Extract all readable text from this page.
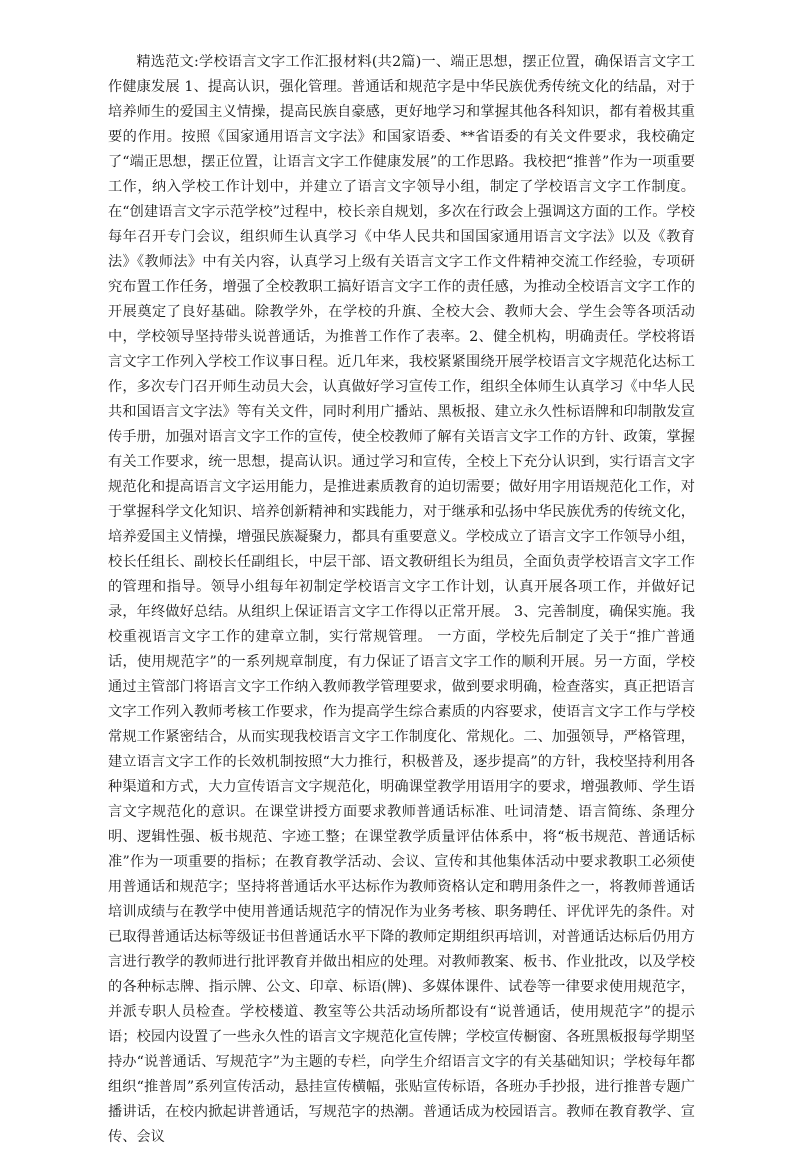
精选范文:学校语言文字工作汇报材料(共2篇)一、端正思想，摆正位置，确保语言文字工作健康发展 1、提高认识，强化管理。普通话和规范字是中华民族优秀传统文化的结晶，对于培养师生的爱国主义情操，提高民族自豪感，更好地学习和掌握其他各科知识，都有着极其重要的作用。按照《国家通用语言文字法》和国家语委、**省语委的有关文件要求，我校确定了“端正思想，摆正位置，让语言文字工作健康发展”的工作思路。我校把“推普”作为一项重要工作，纳入学校工作计划中，并建立了语言文字领导小组，制定了学校语言文字工作制度。在“创建语言文字示范学校”过程中，校长亲自规划，多次在行政会上强调这方面的工作。学校每年召开专门会议，组织师生认真学习《中华人民共和国国家通用语言文字法》以及《教育法》《教师法》中有关内容，认真学习上级有关语言文字工作文件精神交流工作经验，专项研究布置工作任务，增强了全校教职工搞好语言文字工作的责任感，为推动全校语言文字工作的开展奠定了良好基础。除教学外，在学校的升旗、全校大会、教师大会、学生会等各项活动中，学校领导坚持带头说普通话，为推普工作作了表率。2、健全机构，明确责任。学校将语言文字工作列入学校工作议事日程。近几年来，我校紧紧围绕开展学校语言文字规范化达标工作，多次专门召开师生动员大会，认真做好学习宣传工作，组织全体师生认真学习《中华人民共和国语言文字法》等有关文件，同时利用广播站、黑板报、建立永久性标语牌和印制散发宣传手册，加强对语言文字工作的宣传，使全校教师了解有关语言文字工作的方针、政策，掌握有关工作要求，统一思想，提高认识。通过学习和宣传，全校上下充分认识到，实行语言文字规范化和提高语言文字运用能力，是推进素质教育的迫切需要；做好用字用语规范化工作，对于掌握科学文化知识、培养创新精神和实践能力，对于继承和弘扬中华民族优秀的传统文化，培养爱国主义情操，增强民族凝聚力，都具有重要意义。学校成立了语言文字工作领导小组，校长任组长、副校长任副组长，中层干部、语文教研组长为组员，全面负责学校语言文字工作的管理和指导。领导小组每年初制定学校语言文字工作计划，认真开展各项工作，并做好记录，年终做好总结。从组织上保证语言文字工作得以正常开展。 3、完善制度，确保实施。我校重视语言文字工作的建章立制，实行常规管理。 一方面，学校先后制定了关于“推广普通话，使用规范字”的一系列规章制度，有力保证了语言文字工作的顺利开展。另一方面，学校通过主管部门将语言文字工作纳入教师教学管理要求，做到要求明确，检查落实，真正把语言文字工作列入教师考核工作要求，作为提高学生综合素质的内容要求，使语言文字工作与学校常规工作紧密结合，从而实现我校语言文字工作制度化、常规化。二、加强领导，严格管理，建立语言文字工作的长效机制按照“大力推行，积极普及，逐步提高”的方针，我校坚持利用各种渠道和方式，大力宣传语言文字规范化，明确课堂教学用语用字的要求，增强教师、学生语言文字规范化的意识。在课堂讲授方面要求教师普通话标准、吐词清楚、语言简练、条理分明、逻辑性强、板书规范、字迹工整；在课堂教学质量评估体系中，将“板书规范、普通话标准”作为一项重要的指标；在教育教学活动、会议、宣传和其他集体活动中要求教职工必须使用普通话和规范字；坚持将普通话水平达标作为教师资格认定和聘用条件之一，将教师普通话培训成绩与在教学中使用普通话规范字的情况作为业务考核、职务聘任、评优评先的条件。对已取得普通话达标等级证书但普通话水平下降的教师定期组织再培训，对普通话达标后仍用方言进行教学的教师进行批评教育并做出相应的处理。对教师教案、板书、作业批改，以及学校的各种标志牌、指示牌、公文、印章、标语(牌)、多媒体课件、试卷等一律要求使用规范字，并派专职人员检查。学校楼道、教室等公共活动场所都设有“说普通话，使用规范字”的提示语；校园内设置了一些永久性的语言文字规范化宣传牌；学校宣传橱窗、各班黑板报每学期坚持办“说普通话、写规范字”为主题的专栏，向学生介绍语言文字的有关基础知识；学校每年都组织“推普周”系列宣传活动，悬挂宣传横幅，张贴宣传标语，各班办手抄报，进行推普专题广播讲话，在校内掀起讲普通话，写规范字的热潮。普通话成为校园语言。教师在教育教学、宣传、会议
